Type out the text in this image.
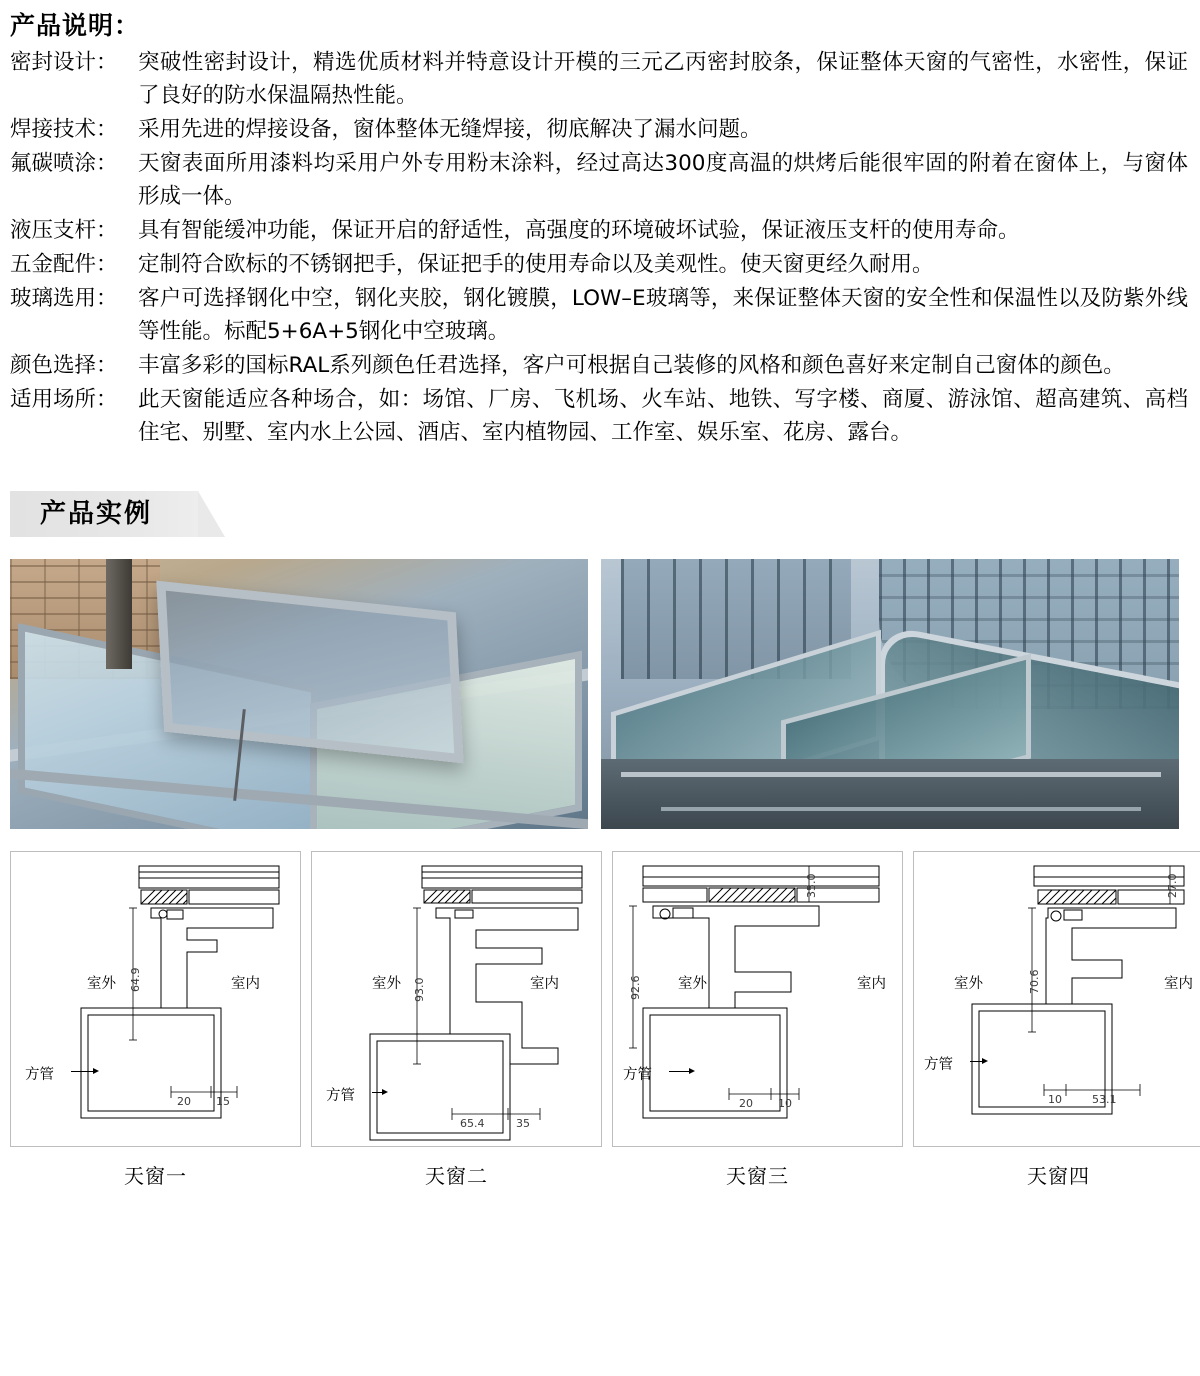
产品说明：
密封设计： 突破性密封设计，精选优质材料并特意设计开模的三元乙丙密封胶条，保证整体天窗的气密性，水密性，保证了良好的防水保温隔热性能。
焊接技术： 采用先进的焊接设备，窗体整体无缝焊接，彻底解决了漏水问题。
氟碳喷涂： 天窗表面所用漆料均采用户外专用粉末涂料，经过高达300度高温的烘烤后能很牢固的附着在窗体上，与窗体形成一体。
液压支杆： 具有智能缓冲功能，保证开启的舒适性，高强度的环境破坏试验，保证液压支杆的使用寿命。
五金配件： 定制符合欧标的不锈钢把手，保证把手的使用寿命以及美观性。使天窗更经久耐用。
玻璃选用： 客户可选择钢化中空，钢化夹胶，钢化镀膜，LOW–E玻璃等，来保证整体天窗的安全性和保温性以及防紫外线等性能。标配5+6A+5钢化中空玻璃。
颜色选择： 丰富多彩的国标RAL系列颜色任君选择，客户可根据自己装修的风格和颜色喜好来定制自己窗体的颜色。
适用场所： 此天窗能适应各种场合，如：场馆、厂房、飞机场、火车站、地铁、写字楼、商厦、游泳馆、超高建筑、高档住宅、别墅、室内水上公园、酒店、室内植物园、工作室、娱乐室、花房、露台。
产品实例
室外	室内
方管
64.9
20 15
天窗一
室外	室内
方管
93.0
65.4	35
天窗二
室外	室内
方管
92.6
35.0
20 10
天窗三
室外	室内
方管
70.6
27.0
10	53.1
天窗四
